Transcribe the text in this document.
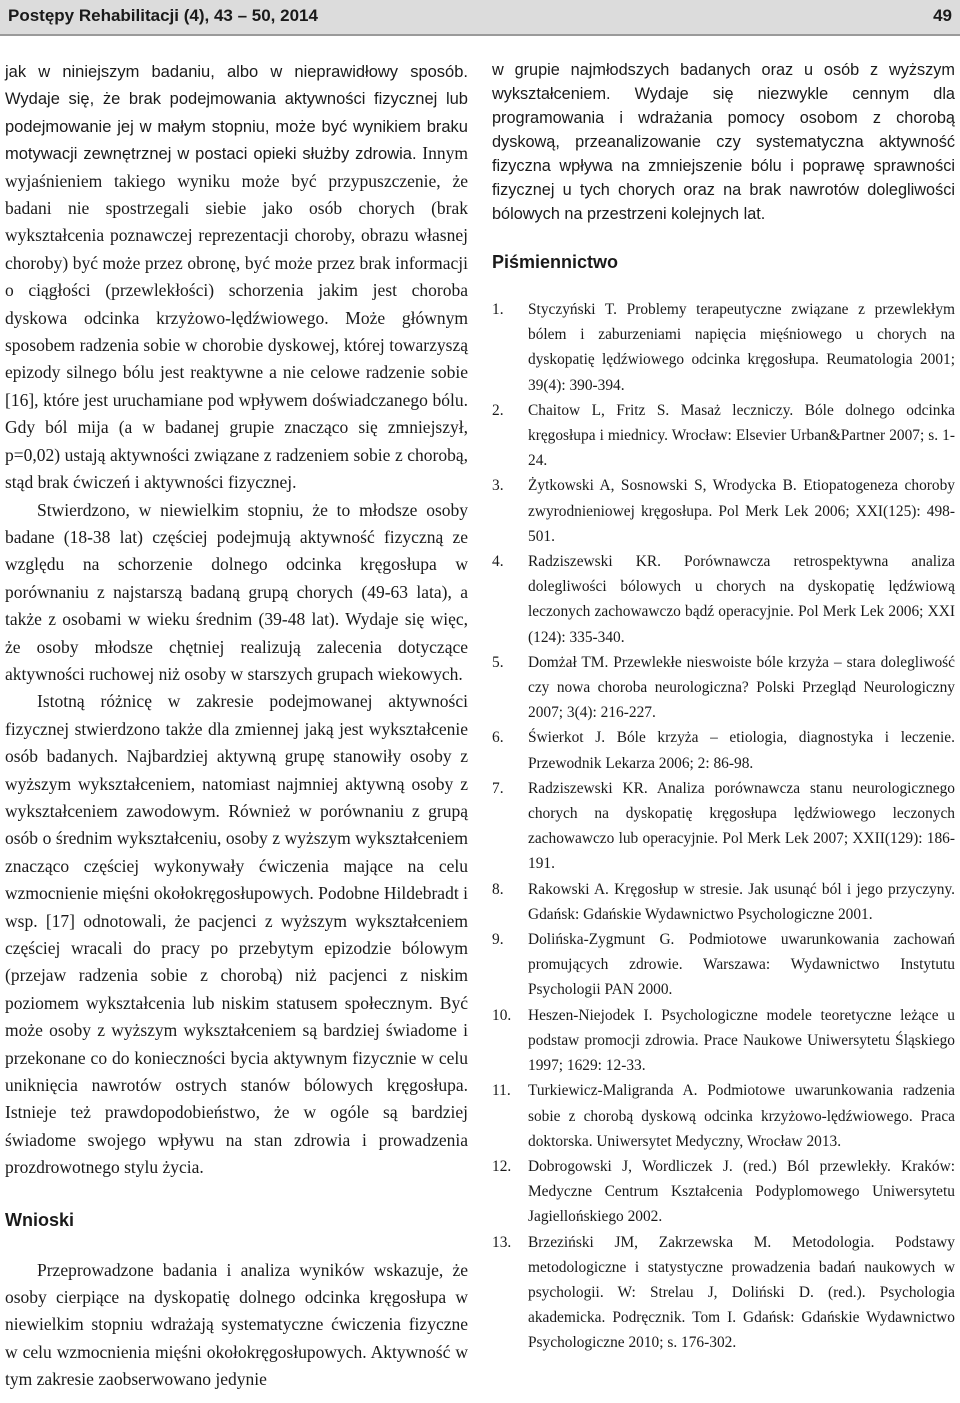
Postępy Rehabilitacji (4), 43 – 50, 2014	49

jak w niniejszym badaniu, albo w nieprawidłowy sposób. Wydaje się, że brak podejmowania aktywności fizycznej lub podejmowanie jej w małym stopniu, może być wynikiem braku motywacji zewnętrznej w postaci opieki służby zdrowia. Innym wyjaśnieniem takiego wyniku może być przypuszczenie, że badani nie spostrzegali siebie jako osób chorych (brak wykształcenia poznawczej reprezentacji choroby, obrazu własnej choroby) być może przez obronę, być może przez brak informacji o ciągłości (przewlekłości) schorzenia jakim jest choroba dyskowa odcinka krzyżowo-lędźwiowego. Może głównym sposobem radzenia sobie w chorobie dyskowej, której towarzyszą epizody silnego bólu jest reaktywne a nie celowe radzenie sobie [16], które jest uruchamiane pod wpływem doświadczanego bólu. Gdy ból mija (a w badanej grupie znacząco się zmniejszył, p=0,02) ustają aktywności związane z radzeniem sobie z chorobą, stąd brak ćwiczeń i aktywności fizycznej.

Stwierdzono, w niewielkim stopniu, że to młodsze osoby badane (18-38 lat) częściej podejmują aktywność fizyczną ze względu na schorzenie dolnego odcinka kręgosłupa w porównaniu z najstarszą badaną grupą chorych (49-63 lata), a także z osobami w wieku średnim (39-48 lat). Wydaje się więc, że osoby młodsze chętniej realizują zalecenia dotyczące aktywności ruchowej niż osoby w starszych grupach wiekowych.

Istotną różnicę w zakresie podejmowanej aktywności fizycznej stwierdzono także dla zmiennej jaką jest wykształcenie osób badanych. Najbardziej aktywną grupę stanowiły osoby z wyższym wykształceniem, natomiast najmniej aktywną osoby z wykształceniem zawodowym. Również w porównaniu z grupą osób o średnim wykształceniu, osoby z wyższym wykształceniem znacząco częściej wykonywały ćwiczenia mające na celu wzmocnienie mięśni okołokręgosłupowych. Podobne Hildebradt i wsp. [17] odnotowali, że pacjenci z wyższym wykształceniem częściej wracali do pracy po przebytym epizodzie bólowym (przejaw radzenia sobie z chorobą) niż pacjenci z niskim poziomem wykształcenia lub niskim statusem społecznym. Być może osoby z wyższym wykształceniem są bardziej świadome i przekonane co do konieczności bycia aktywnym fizycznie w celu uniknięcia nawrotów ostrych stanów bólowych kręgosłupa. Istnieje też prawdopodobieństwo, że w ogóle są bardziej świadome swojego wpływu na stan zdrowia i prowadzenia prozdrowotnego stylu życia.

Wnioski

Przeprowadzone badania i analiza wyników wskazuje, że osoby cierpiące na dyskopatię dolnego odcinka kręgosłupa w niewielkim stopniu wdrażają systematyczne ćwiczenia fizyczne w celu wzmocnienia mięśni okołokręgosłupowych. Aktywność w tym zakresie zaobserwowano jedynie

w grupie najmłodszych badanych oraz u osób z wyższym wykształceniem. Wydaje się niezwykle cennym dla programowania i wdrażania pomocy osobom z chorobą dyskową, przeanalizowanie czy systematyczna aktywność fizyczna wpływa na zmniejszenie bólu i poprawę sprawności fizycznej u tych chorych oraz na brak nawrotów dolegliwości bólowych na przestrzeni kolejnych lat.

Piśmiennictwo
1. Styczyński T. Problemy terapeutyczne związane z przewlekłym bólem i zaburzeniami napięcia mięśniowego u chorych na dyskopatię lędźwiowego odcinka kręgosłupa. Reumatologia 2001; 39(4): 390-394.
2. Chaitow L, Fritz S. Masaż leczniczy. Bóle dolnego odcinka kręgosłupa i miednicy. Wrocław: Elsevier Urban&Partner 2007; s. 1-24.
3. Żytkowski A, Sosnowski S, Wrodycka B. Etiopatogeneza choroby zwyrodnieniowej kręgosłupa. Pol Merk Lek 2006; XXI(125): 498-501.
4. Radziszewski KR. Porównawcza retrospektywna analiza dolegliwości bólowych u chorych na dyskopatię lędźwiową leczonych zachowawczo bądź operacyjnie. Pol Merk Lek 2006; XXI (124): 335-340.
5. Domżał TM. Przewlekłe nieswoiste bóle krzyża – stara dolegliwość czy nowa choroba neurologiczna? Polski Przegląd Neurologiczny 2007; 3(4): 216-227.
6. Świerkot J. Bóle krzyża – etiologia, diagnostyka i leczenie. Przewodnik Lekarza 2006; 2: 86-98.
7. Radziszewski KR. Analiza porównawcza stanu neurologicznego chorych na dyskopatię kręgosłupa lędźwiowego leczonych zachowawczo lub operacyjnie. Pol Merk Lek 2007; XXII(129): 186-191.
8. Rakowski A. Kręgosłup w stresie. Jak usunąć ból i jego przyczyny. Gdańsk: Gdańskie Wydawnictwo Psychologiczne 2001.
9. Dolińska-Zygmunt G. Podmiotowe uwarunkowania zachowań promujących zdrowie. Warszawa: Wydawnictwo Instytutu Psychologii PAN 2000.
10. Heszen-Niejodek I. Psychologiczne modele teoretyczne leżące u podstaw promocji zdrowia. Prace Naukowe Uniwersytetu Śląskiego 1997; 1629: 12-33.
11. Turkiewicz-Maligranda A. Podmiotowe uwarunkowania radzenia sobie z chorobą dyskową odcinka krzyżowo-lędźwiowego. Praca doktorska. Uniwersytet Medyczny, Wrocław 2013.
12. Dobrogowski J, Wordliczek J. (red.) Ból przewlekły. Kraków: Medyczne Centrum Kształcenia Podyplomowego Uniwersytetu Jagiellońskiego 2002.
13. Brzeziński JM, Zakrzewska M. Metodologia. Podstawy metodologiczne i statystyczne prowadzenia badań naukowych w psychologii. W: Strelau J, Doliński D. (red.). Psychologia akademicka. Podręcznik. Tom I. Gdańsk: Gdańskie Wydawnictwo Psychologiczne 2010; s. 176-302.
